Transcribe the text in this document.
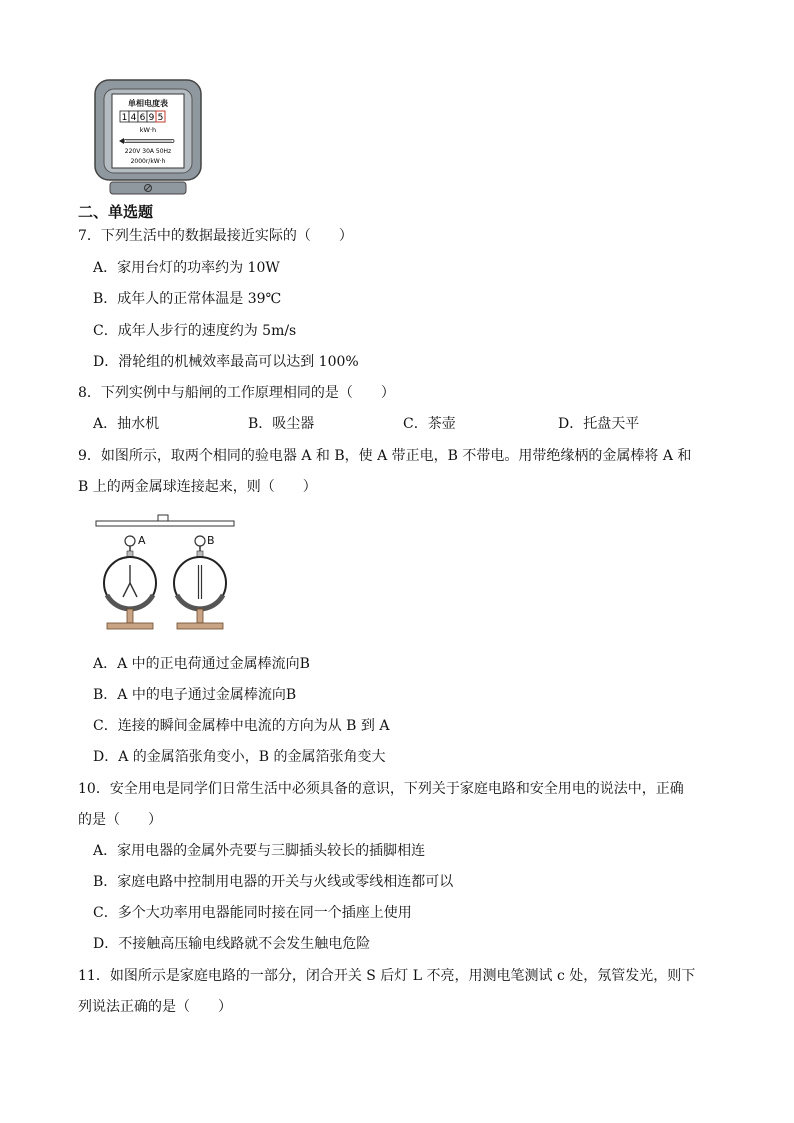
单相电度表
1 4 6 9 5
kW·h
220V 30A 50Hz
2000r/kW·h
二、单选题
7．下列生活中的数据最接近实际的（　　）
A．家用台灯的功率约为 10W
B．成年人的正常体温是 39℃
C．成年人步行的速度约为 5m/s
D．滑轮组的机械效率最高可以达到 100%
8．下列实例中与船闸的工作原理相同的是（　　）
A．抽水机	B．吸尘器	C．茶壶	D．托盘天平
9．如图所示，取两个相同的验电器 A 和 B，使 A 带正电，B 不带电。用带绝缘柄的金属棒将 A 和
B 上的两金属球连接起来，则（　　）
A	B
A．A 中的正电荷通过金属棒流向B
B．A 中的电子通过金属棒流向B
C．连接的瞬间金属棒中电流的方向为从 B 到 A
D．A 的金属箔张角变小，B 的金属箔张角变大
10．安全用电是同学们日常生活中必须具备的意识，下列关于家庭电路和安全用电的说法中，正确
的是（　　）
A．家用电器的金属外壳要与三脚插头较长的插脚相连
B．家庭电路中控制用电器的开关与火线或零线相连都可以
C．多个大功率用电器能同时接在同一个插座上使用
D．不接触高压输电线路就不会发生触电危险
11．如图所示是家庭电路的一部分，闭合开关 S 后灯 L 不亮，用测电笔测试 c 处，氖管发光，则下
列说法正确的是（　　）
